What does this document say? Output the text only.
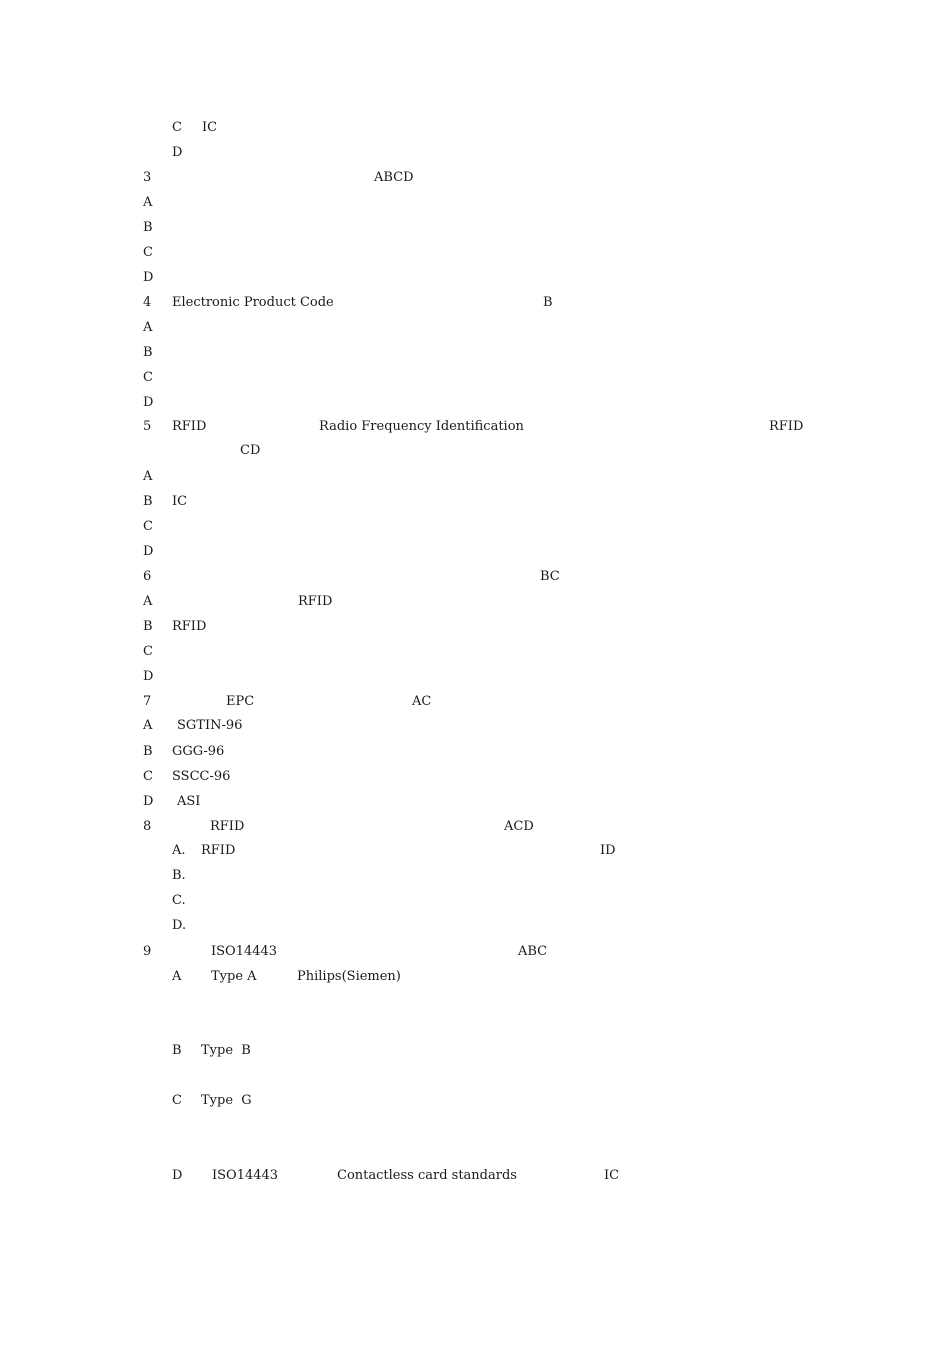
C IC
D
3	ABCD
A
B
C
D
4 Electronic Product Code	B
A
B
C
D
5 RFID	Radio Frequency Identification	RFID
CD
A
B IC
C
D
6	BC
A	RFID
B RFID
C
D
7	EPC	AC
A SGTIN-96
B GGG-96
C SSCC-96
D ASI
8	RFID	ACD
A. RFID	ID
B.
C.
D.
9	ISO14443	ABC
A Type A	Philips(Siemen)
B Type  B
C Type  G
D ISO14443	Contactless card standards	IC
